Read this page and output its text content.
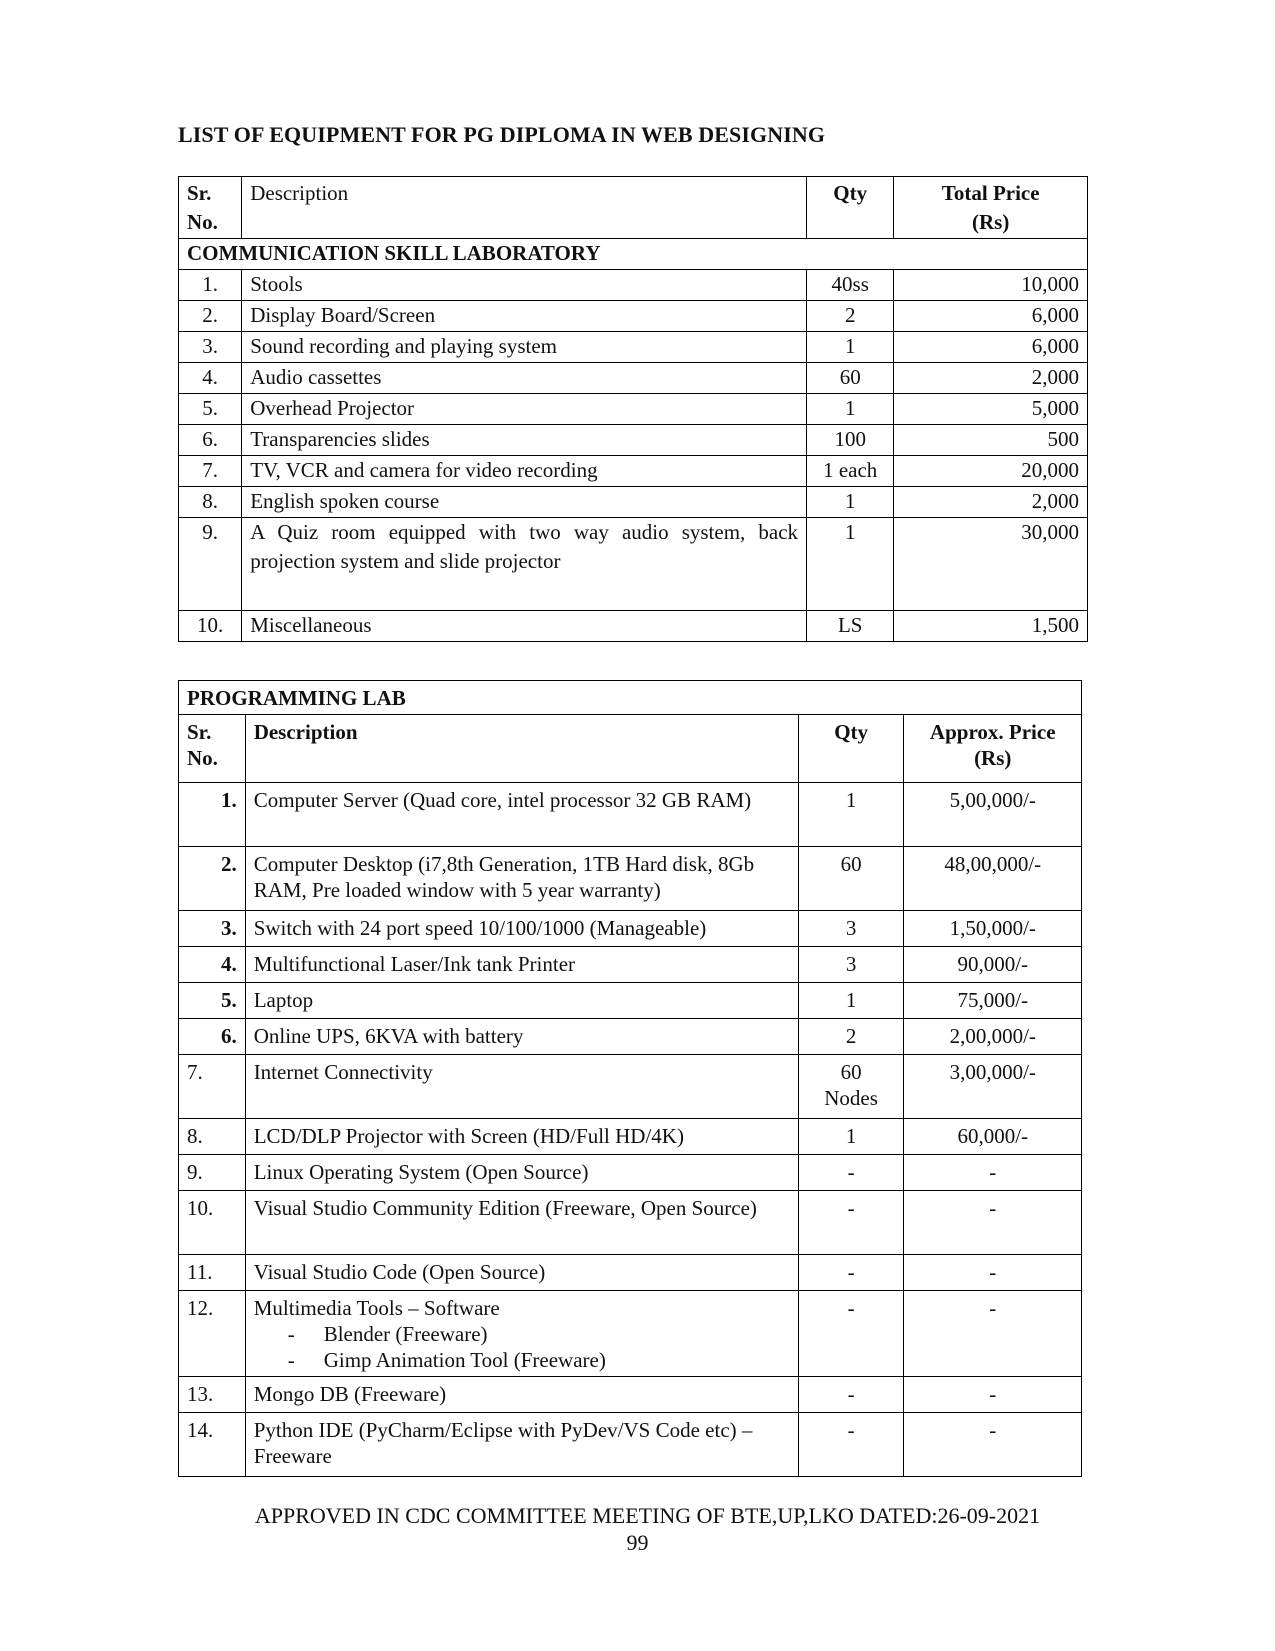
LIST OF EQUIPMENT FOR PG DIPLOMA IN WEB DESIGNING
Sr.
No.	Description	Qty	Total Price
(Rs)
COMMUNICATION SKILL LABORATORY			
1.	Stools	40ss	10,000
2.	Display Board/Screen	2	6,000
3.	Sound recording and playing system	1	6,000
4.	Audio cassettes	60	2,000
5.	Overhead Projector	1	5,000
6.	Transparencies slides	100	500
7.	TV, VCR and camera for video recording	1 each	20,000
8.	English spoken course	1	2,000
9.	A Quiz room equipped with two way audio system, back projection system and slide projector	1	30,000
10.	Miscellaneous	LS	1,500
PROGRAMMING LAB			
Sr.
No.	Description	Qty	Approx. Price
(Rs)
1.	Computer Server (Quad core, intel processor 32 GB RAM)	1	5,00,000/-
2.	Computer Desktop (i7,8th Generation, 1TB Hard disk, 8Gb RAM, Pre loaded window with 5 year warranty)	60	48,00,000/-
3.	Switch with 24 port speed 10/100/1000 (Manageable)	3	1,50,000/-
4.	Multifunctional Laser/Ink tank Printer	3	90,000/-
5.	Laptop	1	75,000/-
6.	Online UPS, 6KVA with battery	2	2,00,000/-
7.	Internet Connectivity	60
Nodes	3,00,000/-
8.	LCD/DLP Projector with Screen (HD/Full HD/4K)	1	60,000/-
9.	Linux Operating System (Open Source)	-	-
10.	Visual Studio Community Edition (Freeware, Open Source)	-	-
11.	Visual Studio Code (Open Source)	-	-
12.	Multimedia Tools – Software
- Blender (Freeware)
- Gimp Animation Tool (Freeware)	-	-
13.	Mongo DB (Freeware)	-	-
14.	Python IDE (PyCharm/Eclipse with PyDev/VS Code etc) – Freeware	-	-
APPROVED IN CDC COMMITTEE MEETING OF BTE,UP,LKO DATED:26-09-2021
99
